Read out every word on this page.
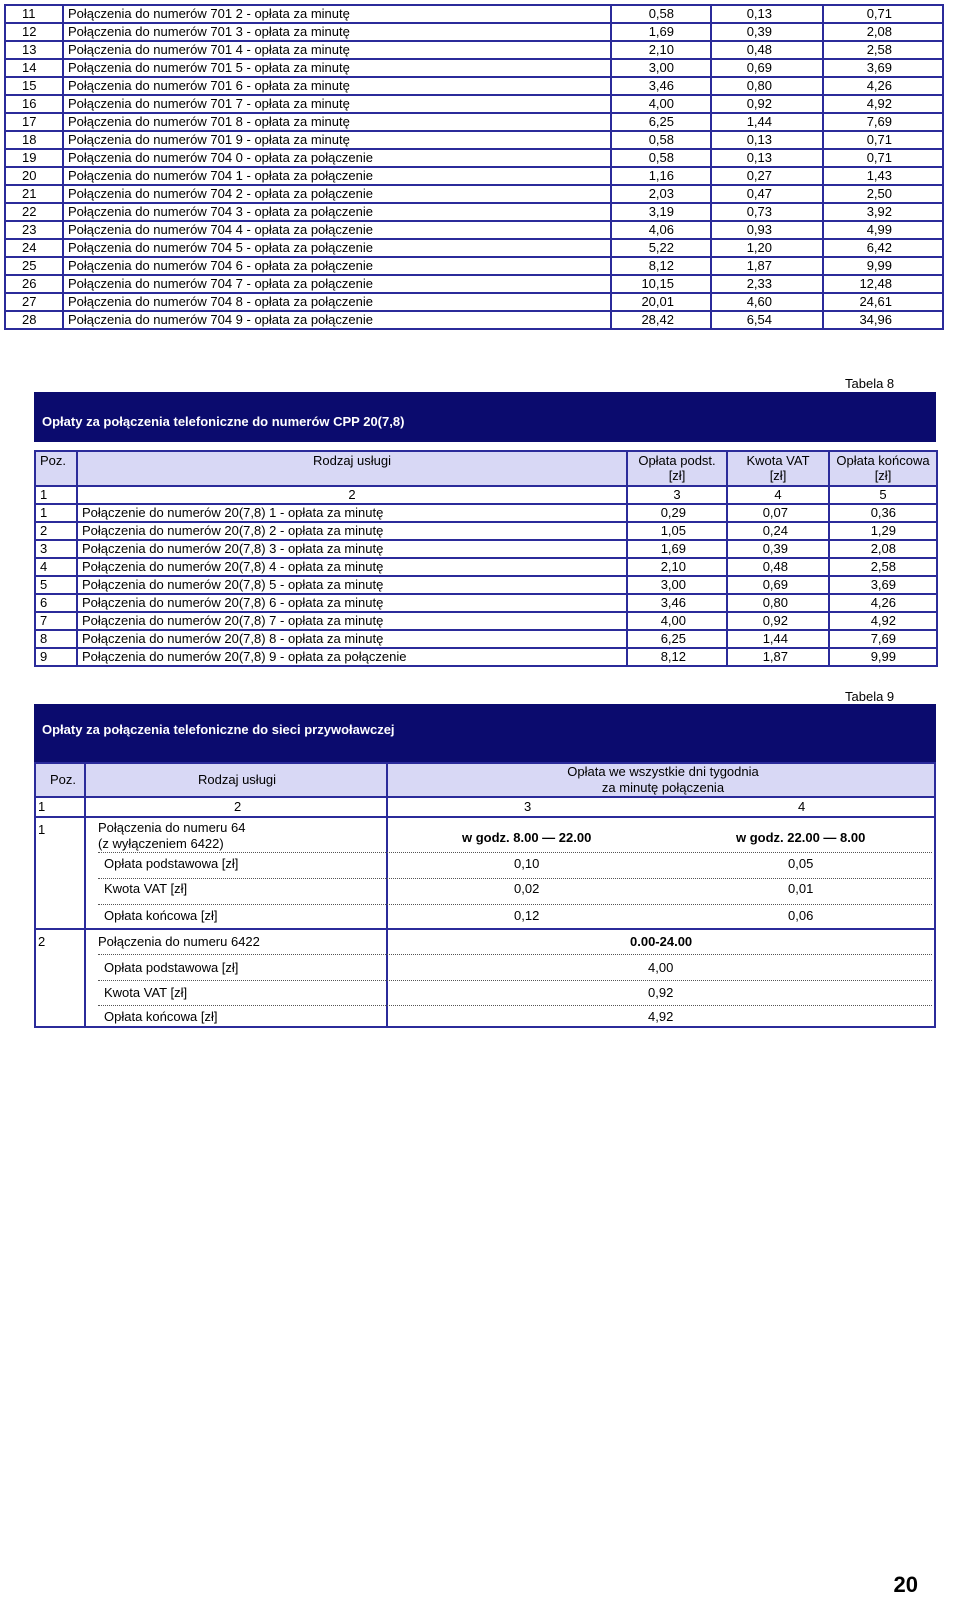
11	Połączenia do numerów 701 2 - opłata za minutę	0,58	0,13	0,71
12	Połączenia do numerów 701 3 - opłata za minutę	1,69	0,39	2,08
13	Połączenia do numerów 701 4 - opłata za minutę	2,10	0,48	2,58
14	Połączenia do numerów 701 5 - opłata za minutę	3,00	0,69	3,69
15	Połączenia do numerów 701 6 - opłata za minutę	3,46	0,80	4,26
16	Połączenia do numerów 701 7 - opłata za minutę	4,00	0,92	4,92
17	Połączenia do numerów 701 8 - opłata za minutę	6,25	1,44	7,69
18	Połączenia do numerów 701 9 - opłata za minutę	0,58	0,13	0,71
19	Połączenia do numerów 704 0 - opłata za połączenie	0,58	0,13	0,71
20	Połączenia do numerów 704 1 - opłata za połączenie	1,16	0,27	1,43
21	Połączenia do numerów 704 2 - opłata za połączenie	2,03	0,47	2,50
22	Połączenia do numerów 704 3 - opłata za połączenie	3,19	0,73	3,92
23	Połączenia do numerów 704 4 - opłata za połączenie	4,06	0,93	4,99
24	Połączenia do numerów 704 5 - opłata za połączenie	5,22	1,20	6,42
25	Połączenia do numerów 704 6 - opłata za połączenie	8,12	1,87	9,99
26	Połączenia do numerów 704 7 - opłata za połączenie	10,15	2,33	12,48
27	Połączenia do numerów 704 8 - opłata za połączenie	20,01	4,60	24,61
28	Połączenia do numerów 704 9 - opłata za połączenie	28,42	6,54	34,96
Tabela 8
Opłaty za połączenia telefoniczne do numerów CPP 20(7,8)
Poz.	Rodzaj usługi	Opłata podst.
[zł]	Kwota VAT
[zł]	Opłata końcowa
[zł]
1	2	3	4	5
1	Połączenie do numerów 20(7,8) 1 - opłata za minutę	0,29	0,07	0,36
2	Połączenia do numerów 20(7,8) 2 - opłata za minutę	1,05	0,24	1,29
3	Połączenia do numerów 20(7,8) 3 - opłata za minutę	1,69	0,39	2,08
4	Połączenia do numerów 20(7,8) 4 - opłata za minutę	2,10	0,48	2,58
5	Połączenia do numerów 20(7,8) 5 - opłata za minutę	3,00	0,69	3,69
6	Połączenia do numerów 20(7,8) 6 - opłata za minutę	3,46	0,80	4,26
7	Połączenia do numerów 20(7,8) 7 - opłata za minutę	4,00	0,92	4,92
8	Połączenia do numerów 20(7,8) 8 - opłata za minutę	6,25	1,44	7,69
9	Połączenia do numerów 20(7,8) 9 - opłata za połączenie	8,12	1,87	9,99
Tabela 9
Opłaty za połączenia telefoniczne do sieci przywoławczej
Poz.	Rodzaj usługi
Opłata we wszystkie dni tygodnia
za minutę połączenia
1	2	3	4
1	Połączenia do numeru 64
(z wyłączeniem 6422)	w godz. 8.00 — 22.00	w godz. 22.00 — 8.00
Opłata podstawowa [zł]	0,10	0,05
Kwota VAT [zł]	0,02	0,01
Opłata końcowa [zł]	0,12	0,06
2	Połączenia do numeru 6422	0.00-24.00
Opłata podstawowa [zł]	4,00
Kwota VAT [zł]	0,92
Opłata końcowa [zł]	4,92
20
